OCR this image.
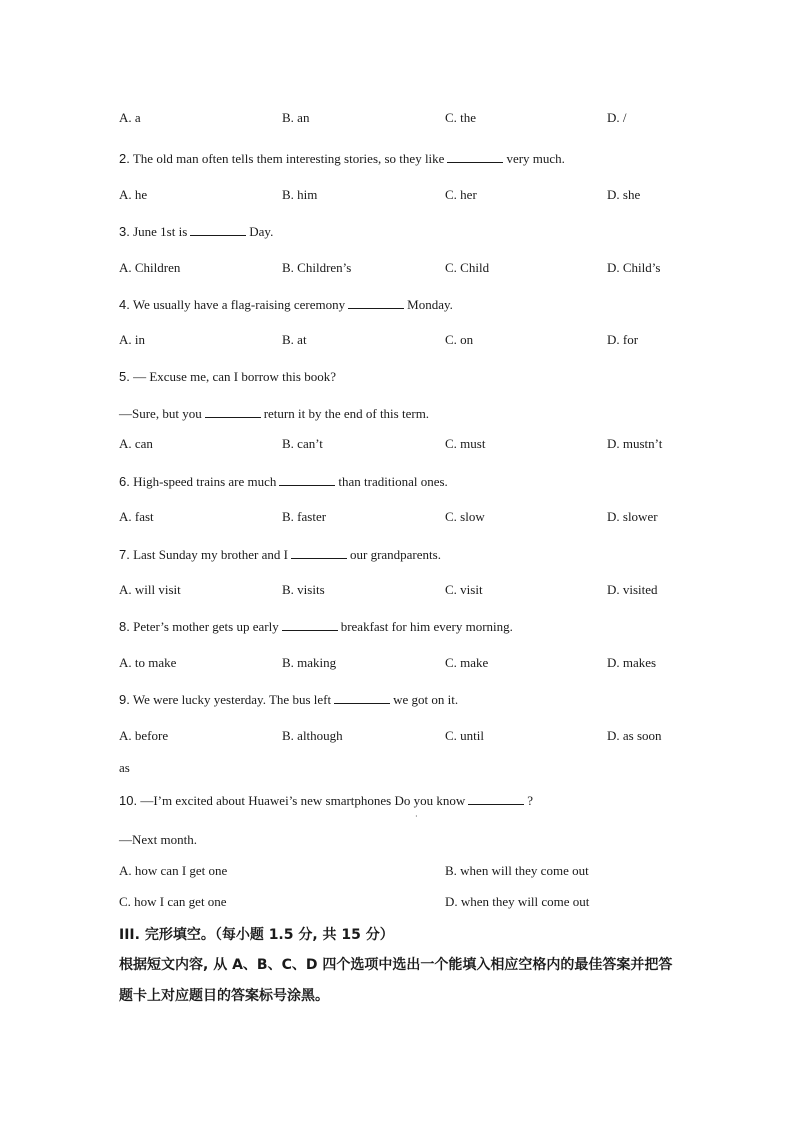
A. a	B. an	C. the	D. /
2. The old man often tells them interesting stories, so they like	very much.
A. he	B. him	C. her	D. she
3. June 1st is	Day.
A. Children	B. Children’s	C. Child	D. Child’s
4. We usually have a flag-raising ceremony	Monday.
A. in	B. at	C. on	D. for
5. — Excuse me, can I borrow this book?
—Sure, but you	return it by the end of this term.
A. can	B. can’t	C. must	D. mustn’t
6. High-speed trains are much	than traditional ones.
A. fast	B. faster	C. slow	D. slower
7. Last Sunday my brother and I	our grandparents.
A. will visit	B. visits	C. visit	D. visited
8. Peter’s mother gets up early	breakfast for him every morning.
A. to make	B. making	C. make	D. makes
9. We were lucky yesterday. The bus left	we got on it.
A. before	B. although	C. until	D. as soon
as
10. —I’m excited about Huawei’s new smartphones Do you know	?
·
—Next month.
A. how can I get one	B. when will they come out
C. how I can get one	D. when they will come out
III. 完形填空。（每小题 1.5 分, 共 15 分）
根据短文内容, 从 A、B、C、D 四个选项中选出一个能填入相应空格内的最佳答案并把答题卡上对应题目的答案标号涂黑。
